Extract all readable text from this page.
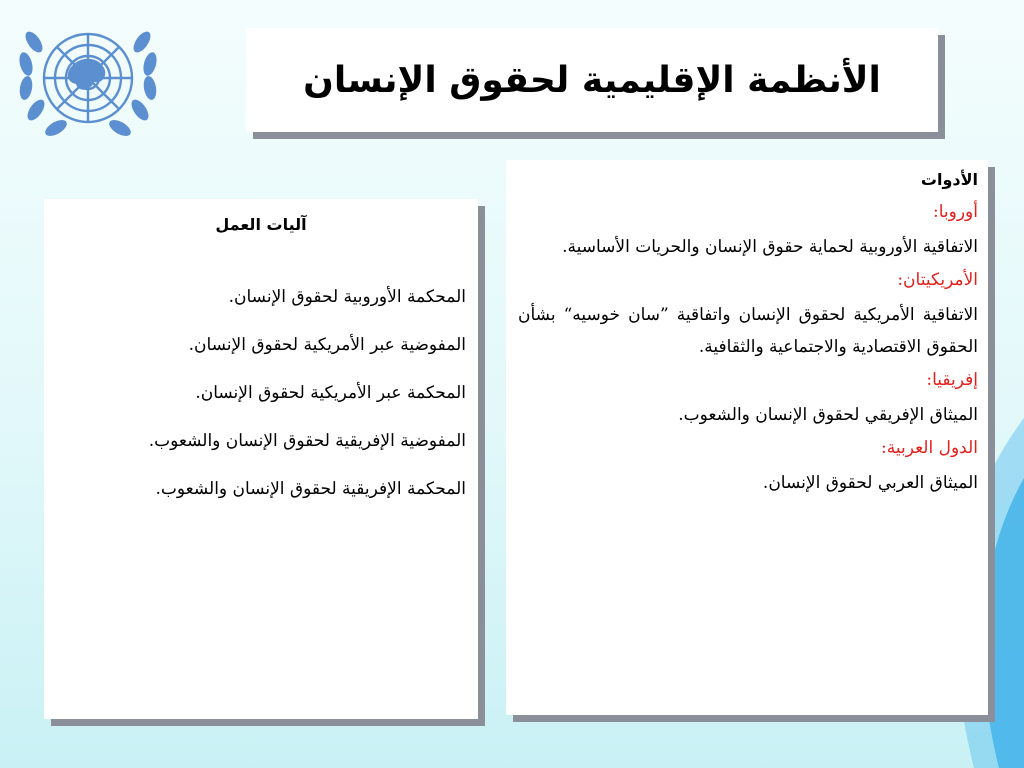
الأنظمة الإقليمية لحقوق الإنسان
الأدوات
أوروبا:
الاتفاقية الأوروبية لحماية حقوق الإنسان والحريات الأساسية.
الأمريكيتان:
الاتفاقية الأمريكية لحقوق الإنسان واتفاقية ”سان خوسيه“ بشأن الحقوق الاقتصادية والاجتماعية والثقافية.
إفريقيا:
الميثاق الإفريقي لحقوق الإنسان والشعوب.
الدول العربية:
الميثاق العربي لحقوق الإنسان.
آليات العمل
المحكمة الأوروبية لحقوق الإنسان.
المفوضية عبر الأمريكية لحقوق الإنسان.
المحكمة عبر الأمريكية لحقوق الإنسان.
المفوضية الإفريقية لحقوق الإنسان والشعوب.
المحكمة الإفريقية لحقوق الإنسان والشعوب.
